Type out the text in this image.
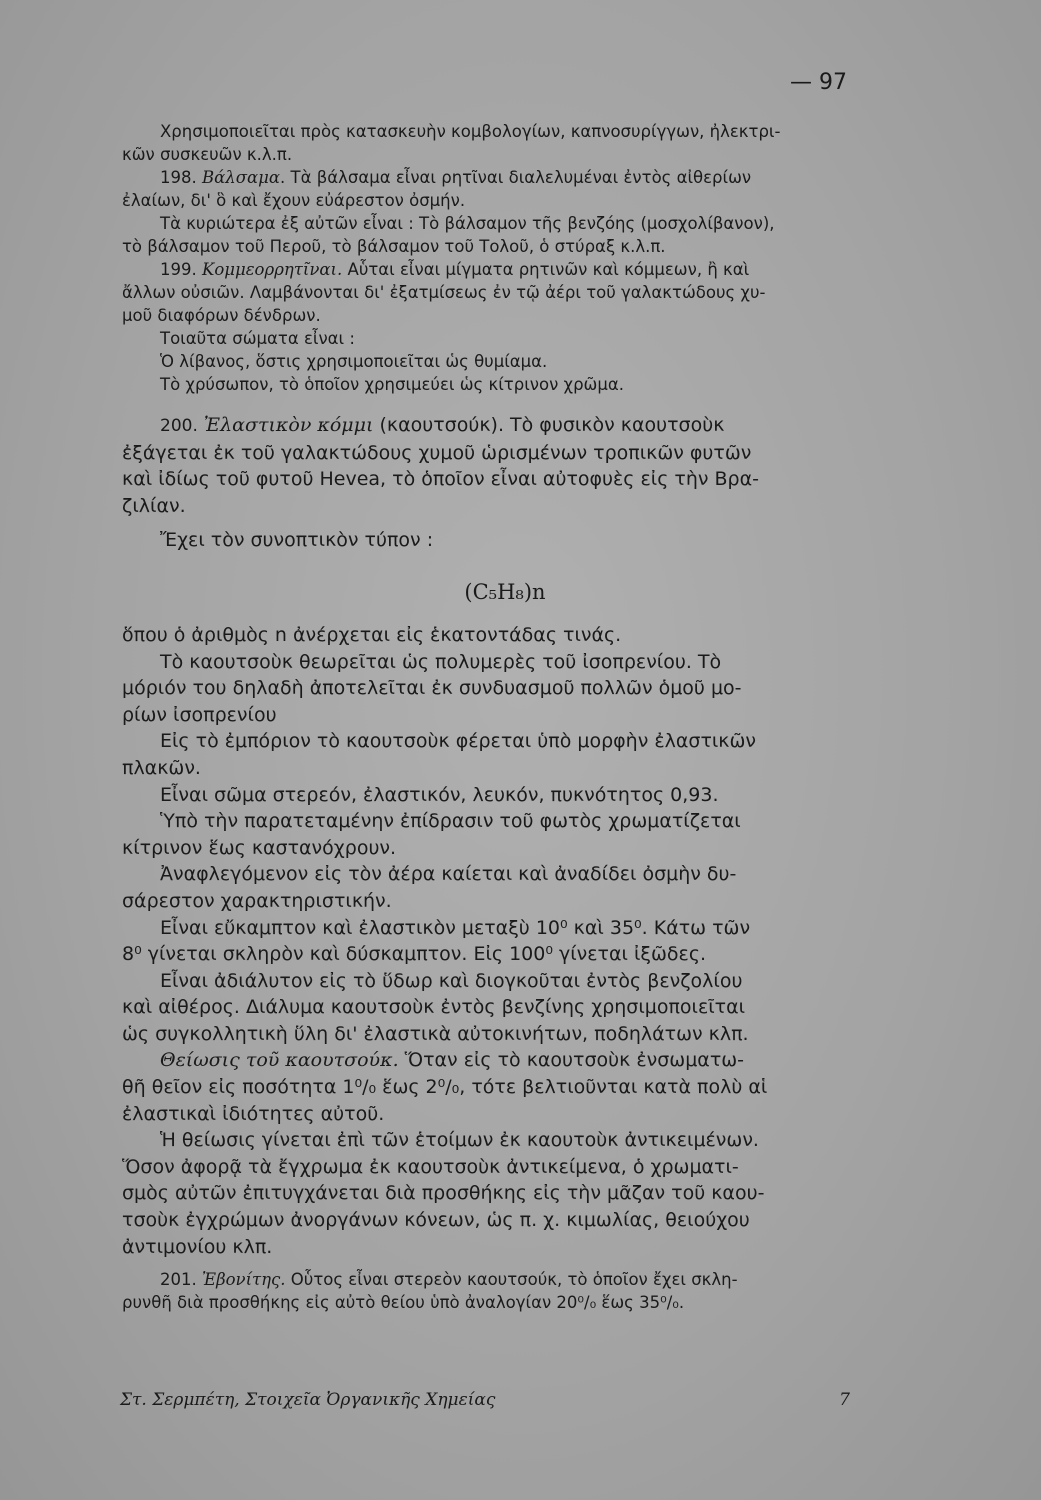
— 97

Χρησιμοποιεῖται πρὸς κατασκευὴν κομβολογίων, καπνοσυρίγγων, ἠλεκτρι-

κῶν συσκευῶν κ.λ.π.

198. Βάλσαμα. Τὰ βάλσαμα εἶναι ρητῖναι διαλελυμέναι ἐντὸς αἰθερίων

ἐλαίων, δι' ὃ καὶ ἔχουν εὐάρεστον ὀσμήν.

Τὰ κυριώτερα ἐξ αὐτῶν εἶναι : Τὸ βάλσαμον τῆς βενζόης (μοσχολίβανον),

τὸ βάλσαμον τοῦ Περοῦ, τὸ βάλσαμον τοῦ Τολοῦ, ὁ στύραξ κ.λ.π.

199. Κομμεορρητῖναι. Αὗται εἶναι μίγματα ρητινῶν καὶ κόμμεων, ἢ καὶ

ἄλλων οὐσιῶν. Λαμβάνονται δι' ἐξατμίσεως ἐν τῷ ἀέρι τοῦ γαλακτώδους χυ-

μοῦ διαφόρων δένδρων.

Τοιαῦτα σώματα εἶναι :

Ὁ λίβανος, ὅστις χρησιμοποιεῖται ὡς θυμίαμα.

Τὸ χρύσωπον, τὸ ὁποῖον χρησιμεύει ὡς κίτρινον χρῶμα.

200. Ἐλαστικὸν κόμμι (καουτσούκ). Τὸ φυσικὸν καουτσοὺκ

ἐξάγεται ἐκ τοῦ γαλακτώδους χυμοῦ ὡρισμένων τροπικῶν φυτῶν

καὶ ἰδίως τοῦ φυτοῦ Hevea, τὸ ὁποῖον εἶναι αὐτοφυὲς εἰς τὴν Βρα-

ζιλίαν.

Ἔχει τὸν συνοπτικὸν τύπον :

(C₅H₈)n

ὅπου ὁ ἀριθμὸς n ἀνέρχεται εἰς ἑκατοντάδας τινάς.

Τὸ καουτσοὺκ θεωρεῖται ὡς πολυμερὲς τοῦ ἰσοπρενίου. Τὸ

μόριόν του δηλαδὴ ἀποτελεῖται ἐκ συνδυασμοῦ πολλῶν ὁμοῦ μο-

ρίων ἰσοπρενίου

Εἰς τὸ ἐμπόριον τὸ καουτσοὺκ φέρεται ὑπὸ μορφὴν ἐλαστικῶν

πλακῶν.

Εἶναι σῶμα στερεόν, ἐλαστικόν, λευκόν, πυκνότητος 0,93.

Ὑπὸ τὴν παρατεταμένην ἐπίδρασιν τοῦ φωτὸς χρωματίζεται

κίτρινον ἕως καστανόχρουν.

Ἀναφλεγόμενον εἰς τὸν ἀέρα καίεται καὶ ἀναδίδει ὀσμὴν δυ-

σάρεστον χαρακτηριστικήν.

Εἶναι εὔκαμπτον καὶ ἐλαστικὸν μεταξὺ 10⁰ καὶ 35⁰. Κάτω τῶν

8⁰ γίνεται σκληρὸν καὶ δύσκαμπτον. Εἰς 100⁰ γίνεται ἰξῶδες.

Εἶναι ἀδιάλυτον εἰς τὸ ὕδωρ καὶ διογκοῦται ἐντὸς βενζολίου

καὶ αἰθέρος. Διάλυμα καουτσοὺκ ἐντὸς βενζίνης χρησιμοποιεῖται

ὡς συγκολλητικὴ ὕλη δι' ἐλαστικὰ αὐτοκινήτων, ποδηλάτων κλπ.

Θείωσις τοῦ καουτσούκ. Ὅταν εἰς τὸ καουτσοὺκ ἐνσωματω-

θῆ θεῖον εἰς ποσότητα 1⁰/₀ ἕως 2⁰/₀, τότε βελτιοῦνται κατὰ πολὺ αἱ

ἐλαστικαὶ ἰδιότητες αὐτοῦ.

Ἡ θείωσις γίνεται ἐπὶ τῶν ἑτοίμων ἐκ καουτοὺκ ἀντικειμένων.

Ὅσον ἀφορᾷ τὰ ἔγχρωμα ἐκ καουτσοὺκ ἀντικείμενα, ὁ χρωματι-

σμὸς αὐτῶν ἐπιτυγχάνεται διὰ προσθήκης εἰς τὴν μᾶζαν τοῦ καου-

τσοὺκ ἐγχρώμων ἀνοργάνων κόνεων, ὡς π. χ. κιμωλίας, θειούχου

ἀντιμονίου κλπ.

201. Ἐβονίτης. Οὗτος εἶναι στερεὸν καουτσούκ, τὸ ὁποῖον ἔχει σκλη-

ρυνθῆ διὰ προσθήκης εἰς αὐτὸ θείου ὑπὸ ἀναλογίαν 20⁰/₀ ἕως 35⁰/₀.

Στ. Σερμπέτη, Στοιχεῖα Ὀργανικῆς Χημείας	7
